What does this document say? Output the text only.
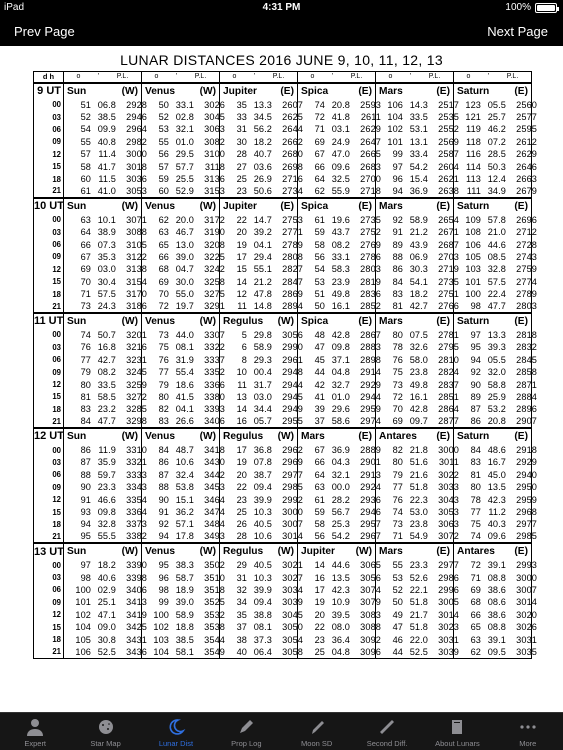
iPad	4:31 PM	100%
Prev Page	Next Page
LUNAR DISTANCES 2016 JUNE 9, 10, 11, 12, 13
d h	o ' P.L.	o ' P.L.	o ' P.L.	o ' P.L.	o ' P.L.	o ' P.L.
9 UT	Sun (W)	Venus (W)	Jupiter (E)	Spica (E)	Mars (E)	Saturn (E)

00	51 06.8 2928	50 33.1 3026	35 13.3 2607	74 20.8 2593	106 14.3 2517	123 05.5 2560
03	52 38.5 2946	52 02.8 3045	33 34.5 2625	72 41.8 2611	104 33.5 2535	121 25.7 2577
06	54 09.9 2964	53 32.1 3063	31 56.2 2644	71 03.1 2629	102 53.1 2552	119 46.2 2595
09	55 40.8 2982	55 01.0 3082	30 18.2 2662	69 24.9 2647	101 13.1 2569	118 07.2 2612
12	57 11.4 3000	56 29.5 3100	28 40.7 2680	67 47.0 2665	99 33.4 2587	116 28.5 2629
15	58 41.7 3018	57 57.7 3118	27 03.6 2698	66 09.6 2683	97 54.2 2604	114 50.3 2646
18	60 11.5 3036	59 25.5 3136	25 26.9 2716	64 32.5 2700	96 15.4 2621	113 12.4 2663
21	61 41.0 3053	60 52.9 3153	23 50.6 2734	62 55.9 2718	94 36.9 2638	111 34.9 2679
10 UT	Sun (W)	Venus (W)	Jupiter (E)	Spica (E)	Mars (E)	Saturn (E)

00	63 10.1 3071	62 20.0 3172	22 14.7 2753	61 19.6 2735	92 58.9 2654	109 57.8 2696
03	64 38.9 3088	63 46.7 3190	20 39.2 2771	59 43.7 2752	91 21.2 2671	108 21.0 2712
06	66 07.3 3105	65 13.0 3208	19 04.1 2789	58 08.2 2769	89 43.9 2687	106 44.6 2728
09	67 35.3 3122	66 39.0 3225	17 29.4 2808	56 33.1 2786	88 06.9 2703	105 08.5 2743
12	69 03.0 3138	68 04.7 3242	15 55.1 2827	54 58.3 2803	86 30.3 2719	103 32.8 2759
15	70 30.4 3154	69 30.0 3258	14 21.2 2847	53 23.9 2819	84 54.1 2735	101 57.5 2774
18	71 57.5 3170	70 55.0 3275	12 47.8 2869	51 49.8 2836	83 18.2 2751	100 22.4 2789
21	73 24.3 3186	72 19.7 3291	11 14.8 2894	50 16.1 2852	81 42.7 2766	98 47.7 2803
11 UT	Sun (W)	Venus (W)	Regulus (W)	Spica (E)	Mars (E)	Saturn (E)

00	74 50.7 3201	73 44.0 3307	5 29.8 3056	48 42.8 2867	80 07.5 2781	97 13.3 2818
03	76 16.8 3216	75 08.1 3322	6 58.9 2990	47 09.8 2883	78 32.6 2795	95 39.3 2832
06	77 42.7 3231	76 31.9 3337	8 29.3 2961	45 37.1 2898	76 58.0 2810	94 05.5 2845
09	79 08.2 3245	77 55.4 3352	10 00.4 2948	44 04.8 2914	75 23.8 2824	92 32.0 2858
12	80 33.5 3259	79 18.6 3366	11 31.7 2944	42 32.7 2929	73 49.8 2837	90 58.8 2871
15	81 58.5 3272	80 41.5 3380	13 03.0 2945	41 01.0 2944	72 16.1 2851	89 25.9 2884
18	83 23.2 3285	82 04.1 3393	14 34.4 2949	39 29.6 2959	70 42.8 2864	87 53.2 2896
21	84 47.7 3298	83 26.6 3406	16 05.7 2955	37 58.6 2974	69 09.7 2877	86 20.8 2907
12 UT	Sun (W)	Venus (W)	Regulus (W)	Mars (E)	Antares (E)	Saturn (E)

00	86 11.9 3310	84 48.7 3418	17 36.8 2962	67 36.9 2889	82 21.8 3000	84 48.6 2918
03	87 35.9 3321	86 10.6 3430	19 07.8 2969	66 04.3 2901	80 51.6 3011	83 16.7 2929
06	88 59.7 3333	87 32.4 3442	20 38.7 2977	64 32.1 2913	79 21.6 3022	81 45.0 2940
09	90 23.3 3343	88 53.8 3453	22 09.4 2985	63 00.0 2924	77 51.8 3033	80 13.5 2950
12	91 46.6 3354	90 15.1 3464	23 39.9 2992	61 28.2 2936	76 22.3 3043	78 42.3 2959
15	93 09.8 3364	91 36.2 3474	25 10.3 3000	59 56.7 2946	74 53.0 3053	77 11.2 2968
18	94 32.8 3373	92 57.1 3484	26 40.5 3007	58 25.3 2957	73 23.8 3063	75 40.3 2977
21	95 55.5 3382	94 17.8 3493	28 10.6 3014	56 54.2 2967	71 54.9 3072	74 09.6 2985
13 UT	Sun (W)	Venus (W)	Regulus (W)	Jupiter (W)	Mars (E)	Antares (E)

00	97 18.2 3390	95 38.3 3502	29 40.5 3021	14 44.6 3065	55 23.3 2977	72 39.1 2993
03	98 40.6 3398	96 58.7 3510	31 10.3 3027	16 13.5 3056	53 52.6 2986	71 08.8 3000
06	100 02.9 3406	98 18.9 3518	32 39.9 3034	17 42.3 3074	52 22.1 2996	69 38.6 3007
09	101 25.1 3413	99 39.0 3525	34 09.4 3039	19 10.9 3079	50 51.8 3005	68 08.6 3014
12	102 47.1 3419	100 58.9 3532	35 38.8 3045	20 39.5 3083	49 21.7 3014	66 38.6 3020
15	104 09.0 3425	102 18.8 3538	37 08.1 3050	22 08.0 3088	47 51.8 3023	65 08.8 3026
18	105 30.8 3431	103 38.5 3544	38 37.3 3054	23 36.4 3092	46 22.0 3031	63 39.1 3031
21	106 52.5 3436	104 58.1 3549	40 06.4 3058	25 04.8 3096	44 52.5 3039	62 09.5 3035
Expert	Star Map	Lunar Dist	Prop Log	Moon SD	Second Diff.	About Lunars	More
